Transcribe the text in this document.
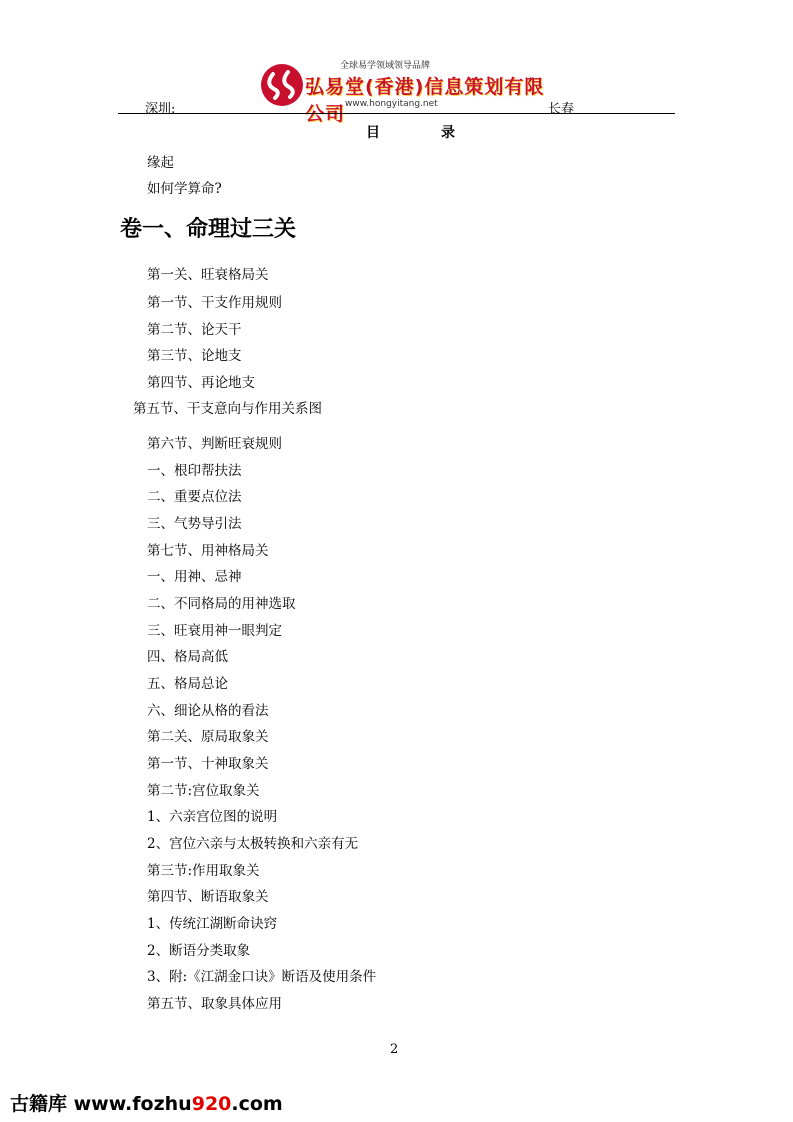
深圳:
全球易学领域领导品牌
弘易堂(香港)信息策划有限公司 www.hongyitang.net	长春
目	录
缘起
如何学算命?
卷一、命理过三关
第一关、旺衰格局关
第一节、干支作用规则
第二节、论天干
第三节、论地支
第四节、再论地支
第五节、干支意向与作用关系图
第六节、判断旺衰规则
一、根印帮扶法
二、重要点位法
三、气势导引法
第七节、用神格局关
一、用神、忌神
二、不同格局的用神选取
三、旺衰用神一眼判定
四、格局高低
五、格局总论
六、细论从格的看法
第二关、原局取象关
第一节、十神取象关
第二节:宫位取象关
1、六亲宫位图的说明
2、宫位六亲与太极转换和六亲有无
第三节:作用取象关
第四节、断语取象关
1、传统江湖断命诀窍
2、断语分类取象
3、附:《江湖金口诀》断语及使用条件
第五节、取象具体应用
2
古籍库 www.fozhu920.com
